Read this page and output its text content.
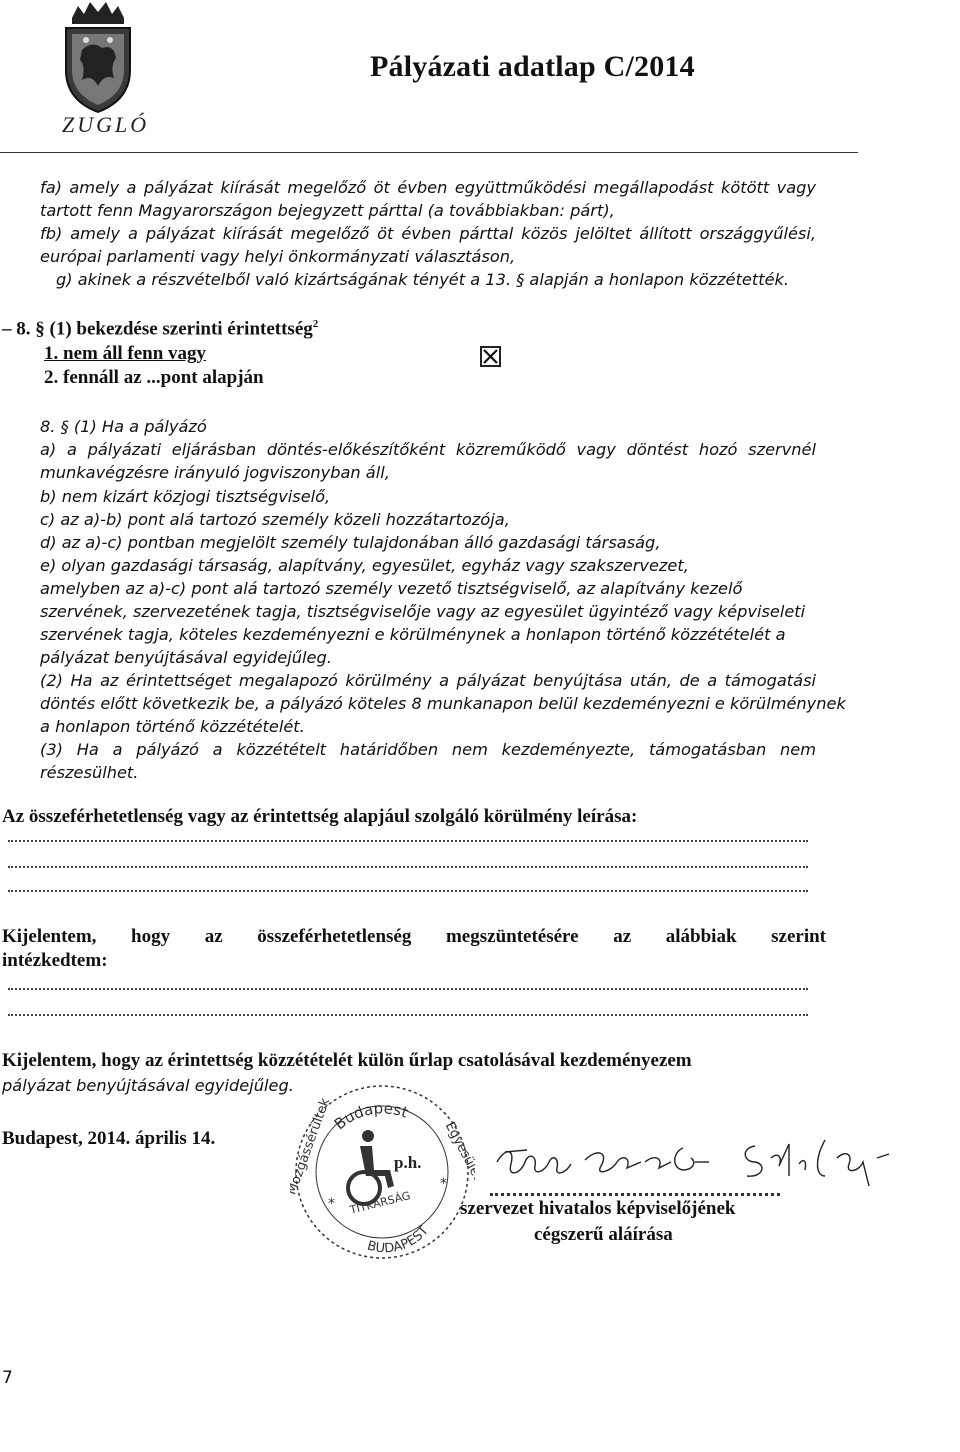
ZUGLÓ
Pályázati adatlap C/2014
fa) amely a pályázat kiírását megelőző öt évben együttműködési megállapodást kötött vagy
tartott fenn Magyarországon bejegyzett párttal (a továbbiakban: párt),
fb) amely a pályázat kiírását megelőző öt évben párttal közös jelöltet állított országgyűlési,
európai parlamenti vagy helyi önkormányzati választáson,
g) akinek a részvételből való kizártságának tényét a 13. § alapján a honlapon közzétették.
– 8. § (1) bekezdése szerinti érintettség$^2$
1. nem áll fenn vagy
2. fennáll az ...pont alapján
8. § (1) Ha a pályázó
a) a pályázati eljárásban döntés-előkészítőként közreműködő vagy döntést hozó szervnél
munkavégzésre irányuló jogviszonyban áll,
b) nem kizárt közjogi tisztségviselő,
c) az a)-b) pont alá tartozó személy közeli hozzátartozója,
d) az a)-c) pontban megjelölt személy tulajdonában álló gazdasági társaság,
e) olyan gazdasági társaság, alapítvány, egyesület, egyház vagy szakszervezet,
amelyben az a)-c) pont alá tartozó személy vezető tisztségviselő, az alapítvány kezelő
szervének, szervezetének tagja, tisztségviselője vagy az egyesület ügyintéző vagy képviseleti
szervének tagja, köteles kezdeményezni e körülménynek a honlapon történő közzétételét a
pályázat benyújtásával egyidejűleg.
(2) Ha az érintettséget megalapozó körülmény a pályázat benyújtása után, de a támogatási
döntés előtt következik be, a pályázó köteles 8 munkanapon belül kezdeményezni e körülménynek
a honlapon történő közzétételét.
(3) Ha a pályázó a közzétételt határidőben nem kezdeményezte, támogatásban nem
részesülhet.
Az összeférhetetlenség vagy az érintettség alapjául szolgáló körülmény leírása:
Kijelentem, hogy az összeférhetetlenség megszüntetésére az alábbiak szerint
intézkedtem:
Kijelentem, hogy az érintettség közzétételét külön űrlap csatolásával kezdeményezem
pályázat benyújtásával egyidejűleg.
Budapest, 2014. április 14.
Budapest
Mozgássérültek	Egyesülete
p.h.
TITKÁRSÁG
*
*
BUDAPEST
szervezet hivatalos képviselőjének
cégszerű aláírása
7
